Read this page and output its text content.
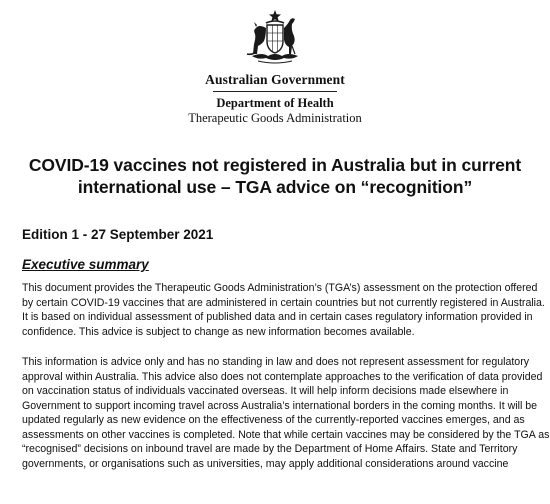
Australian Government
Department of Health
Therapeutic Goods Administration
COVID-19 vaccines not registered in Australia but in current
international use – TGA advice on “recognition”
Edition 1 - 27 September 2021
Executive summary

This document provides the Therapeutic Goods Administration’s (TGA’s) assessment on the protection offered
by certain COVID-19 vaccines that are administered in certain countries but not currently registered in Australia.
It is based on individual assessment of published data and in certain cases regulatory information provided in
confidence. This advice is subject to change as new information becomes available.

This information is advice only and has no standing in law and does not represent assessment for regulatory
approval within Australia. This advice also does not contemplate approaches to the verification of data provided
on vaccination status of individuals vaccinated overseas. It will help inform decisions made elsewhere in
Government to support incoming travel across Australia’s international borders in the coming months. It will be
updated regularly as new evidence on the effectiveness of the currently-reported vaccines emerges, and as
assessments on other vaccines is completed. Note that while certain vaccines may be considered by the TGA as
“recognised” decisions on inbound travel are made by the Department of Home Affairs. State and Territory
governments, or organisations such as universities, may apply additional considerations around vaccine
